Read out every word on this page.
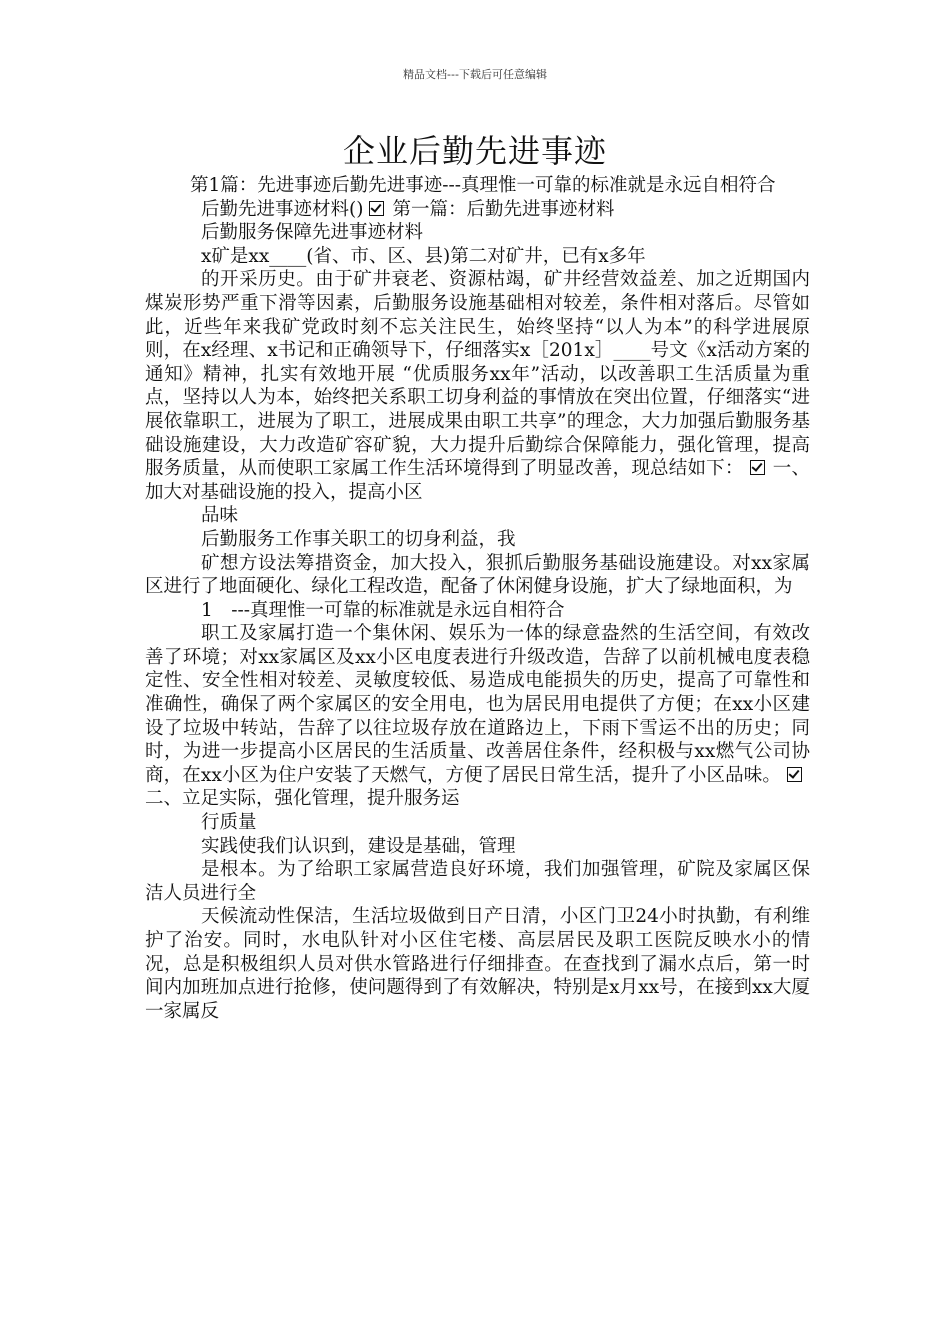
精品文档---下载后可任意编辑
企业后勤先进事迹

第1篇：先进事迹后勤先进事迹---真理惟一可靠的标准就是永远自相符合

后勤先进事迹材料() 第一篇：后勤先进事迹材料

后勤服务保障先进事迹材料

x矿是xx____(省、市、区、县)第二对矿井，已有x多年

的开采历史。由于矿井衰老、资源枯竭，矿井经营效益差、加之近期国内煤炭形势严重下滑等因素，后勤服务设施基础相对较差，条件相对落后。尽管如此，近些年来我矿党政时刻不忘关注民生，始终坚持“以人为本”的科学进展原则，在x经理、x书记和正确领导下，仔细落实x［201x］____号文《x活动方案的通知》精神，扎实有效地开展 “优质服务xx年”活动，以改善职工生活质量为重点，坚持以人为本，始终把关系职工切身利益的事情放在突出位置，仔细落实“进展依靠职工，进展为了职工，进展成果由职工共享”的理念，大力加强后勤服务基础设施建设，大力改造矿容矿貌，大力提升后勤综合保障能力，强化管理，提高服务质量，从而使职工家属工作生活环境得到了明显改善，现总结如下： 一、加大对基础设施的投入，提高小区

品味

后勤服务工作事关职工的切身利益，我

矿想方设法筹措资金，加大投入，狠抓后勤服务基础设施建设。对xx家属区进行了地面硬化、绿化工程改造，配备了休闲健身设施，扩大了绿地面积，为

1　---真理惟一可靠的标准就是永远自相符合

职工及家属打造一个集休闲、娱乐为一体的绿意盎然的生活空间，有效改善了环境；对xx家属区及xx小区电度表进行升级改造，告辞了以前机械电度表稳定性、安全性相对较差、灵敏度较低、易造成电能损失的历史，提高了可靠性和准确性，确保了两个家属区的安全用电，也为居民用电提供了方便；在xx小区建设了垃圾中转站，告辞了以往垃圾存放在道路边上，下雨下雪运不出的历史；同时，为进一步提高小区居民的生活质量、改善居住条件，经积极与xx燃气公司协商，在xx小区为住户安装了天燃气，方便了居民日常生活，提升了小区品味。二、立足实际，强化管理，提升服务运

行质量

实践使我们认识到，建设是基础，管理

是根本。为了给职工家属营造良好环境，我们加强管理，矿院及家属区保洁人员进行全

天候流动性保洁，生活垃圾做到日产日清，小区门卫24小时执勤，有利维护了治安。同时，水电队针对小区住宅楼、高层居民及职工医院反映水小的情况，总是积极组织人员对供水管路进行仔细排查。在查找到了漏水点后，第一时间内加班加点进行抢修，使问题得到了有效解决，特别是x月xx号，在接到xx大厦一家属反
